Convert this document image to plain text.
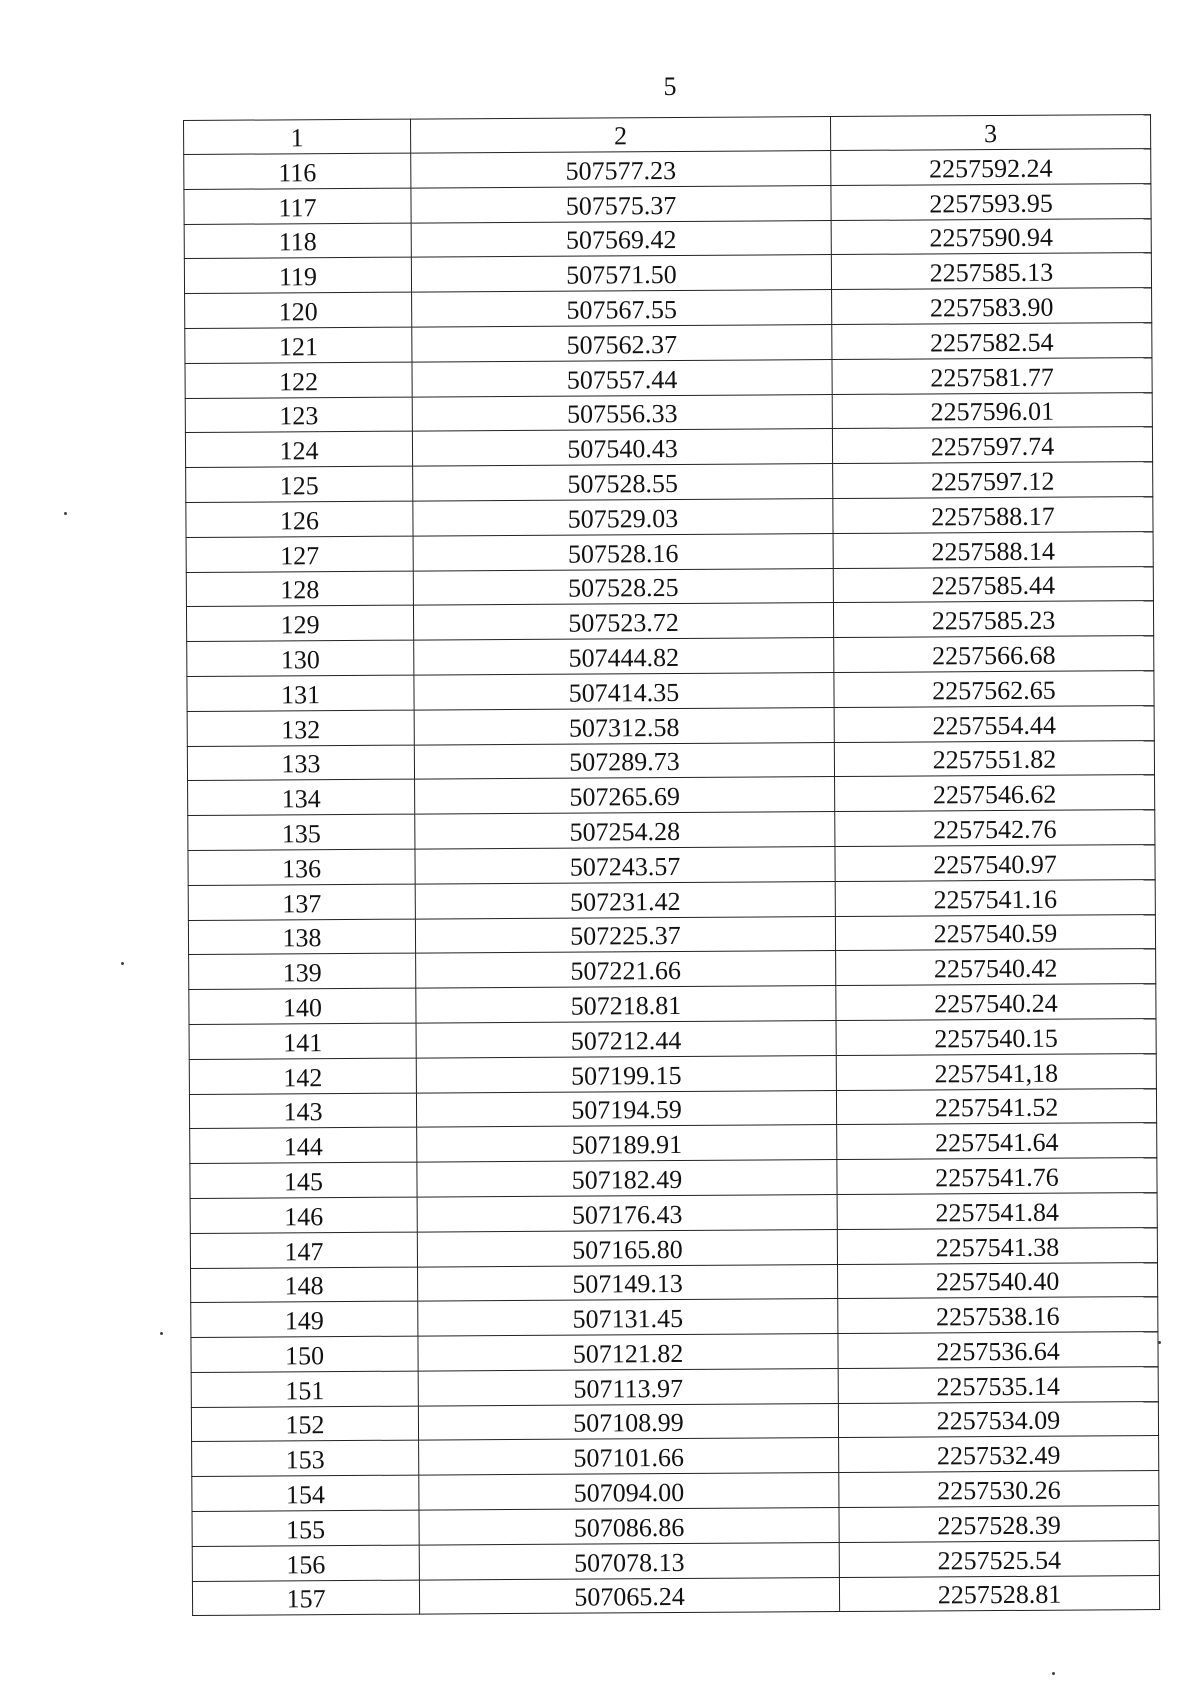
5
1	2	3
116	507577.23	2257592.24
117	507575.37	2257593.95
118	507569.42	2257590.94
119	507571.50	2257585.13
120	507567.55	2257583.90
121	507562.37	2257582.54
122	507557.44	2257581.77
123	507556.33	2257596.01
124	507540.43	2257597.74
125	507528.55	2257597.12
126	507529.03	2257588.17
127	507528.16	2257588.14
128	507528.25	2257585.44
129	507523.72	2257585.23
130	507444.82	2257566.68
131	507414.35	2257562.65
132	507312.58	2257554.44
133	507289.73	2257551.82
134	507265.69	2257546.62
135	507254.28	2257542.76
136	507243.57	2257540.97
137	507231.42	2257541.16
138	507225.37	2257540.59
139	507221.66	2257540.42
140	507218.81	2257540.24
141	507212.44	2257540.15
142	507199.15	2257541,18
143	507194.59	2257541.52
144	507189.91	2257541.64
145	507182.49	2257541.76
146	507176.43	2257541.84
147	507165.80	2257541.38
148	507149.13	2257540.40
149	507131.45	2257538.16
150	507121.82	2257536.64
151	507113.97	2257535.14
152	507108.99	2257534.09
153	507101.66	2257532.49
154	507094.00	2257530.26
155	507086.86	2257528.39
156	507078.13	2257525.54
157	507065.24	2257528.81
